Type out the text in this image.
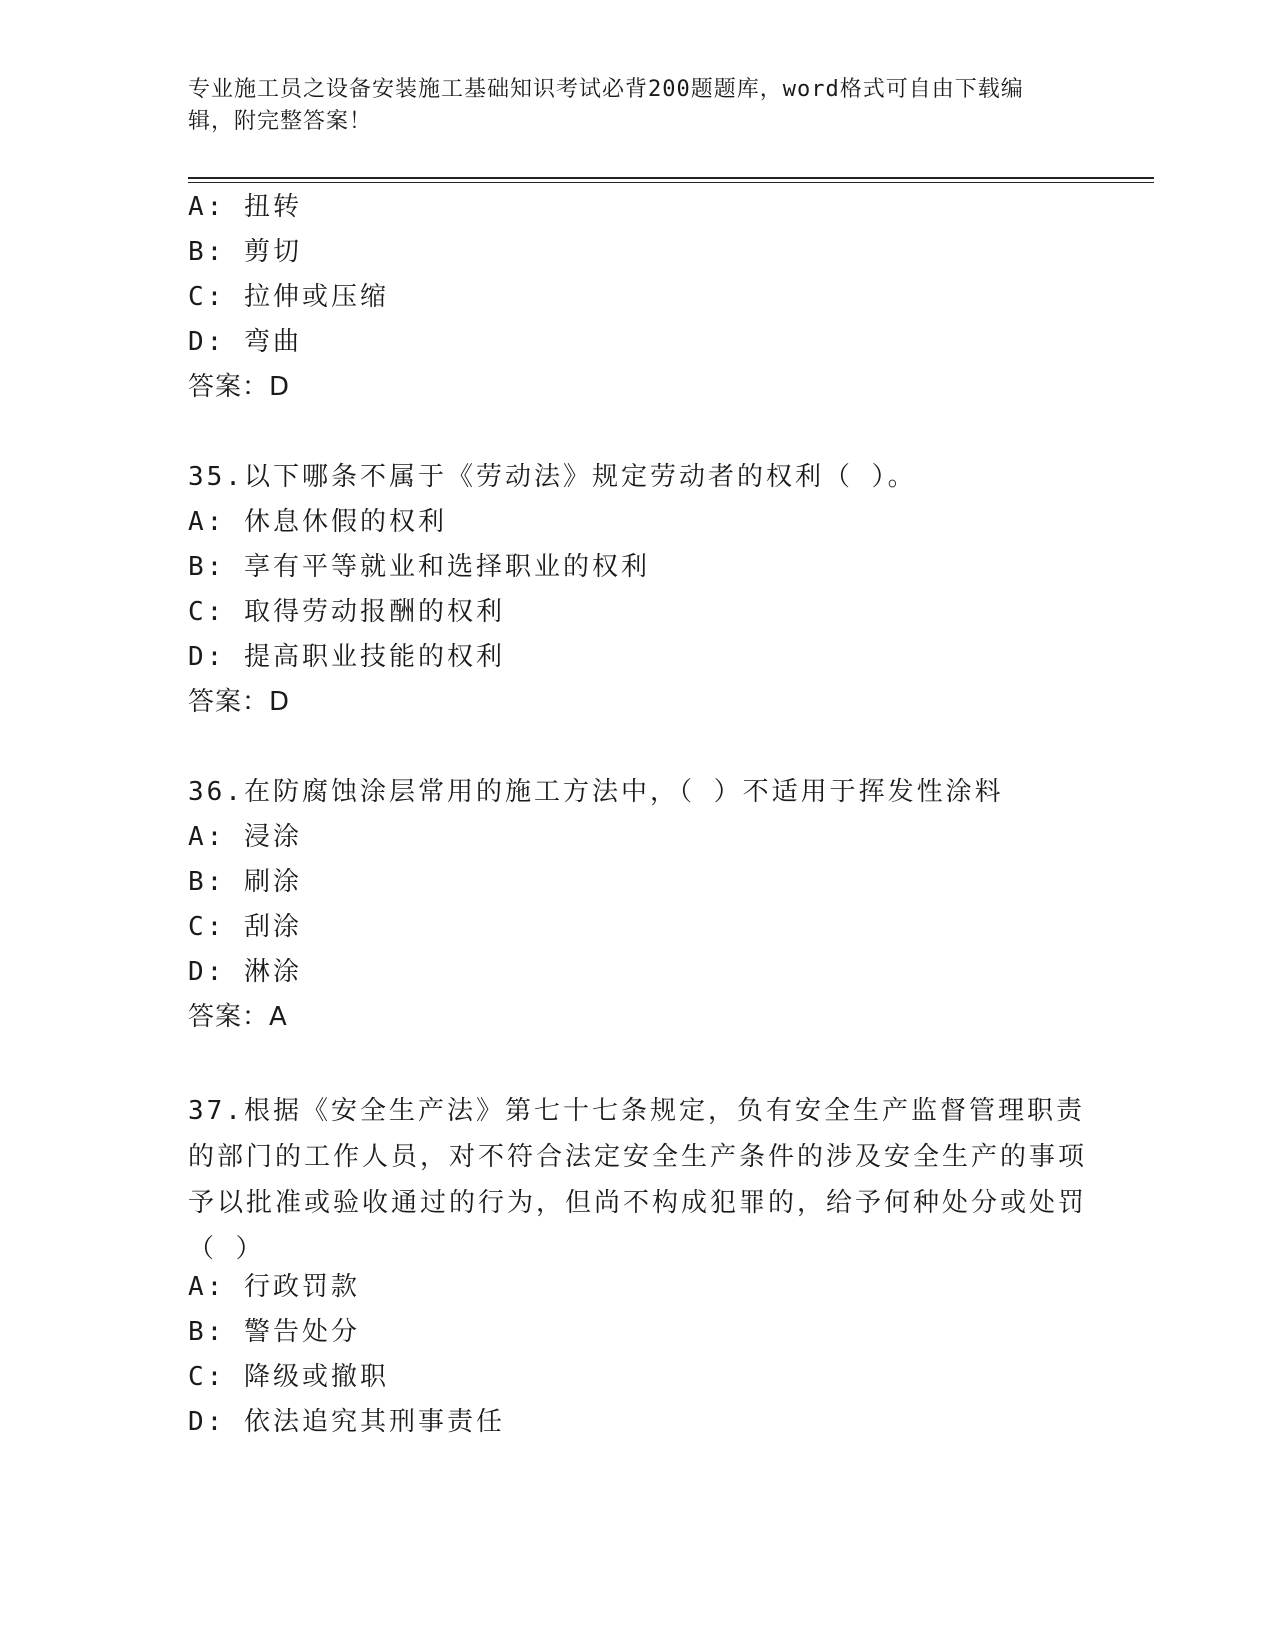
专业施工员之设备安装施工基础知识考试必背200题题库，word格式可自由下载编辑，附完整答案！
A: 扭转
B: 剪切
C: 拉伸或压缩
D: 弯曲
答案：D
35.以下哪条不属于《劳动法》规定劳动者的权利（ ）。
A: 休息休假的权利
B: 享有平等就业和选择职业的权利
C: 取得劳动报酬的权利
D: 提高职业技能的权利
答案：D
36.在防腐蚀涂层常用的施工方法中，（ ）不适用于挥发性涂料
A: 浸涂
B: 刷涂
C: 刮涂
D: 淋涂
答案：A
37.根据《安全生产法》第七十七条规定，负有安全生产监督管理职责的部门的工作人员，对不符合法定安全生产条件的涉及安全生产的事项予以批准或验收通过的行为，但尚不构成犯罪的，给予何种处分或处罚（ ）
A: 行政罚款
B: 警告处分
C: 降级或撤职
D: 依法追究其刑事责任
